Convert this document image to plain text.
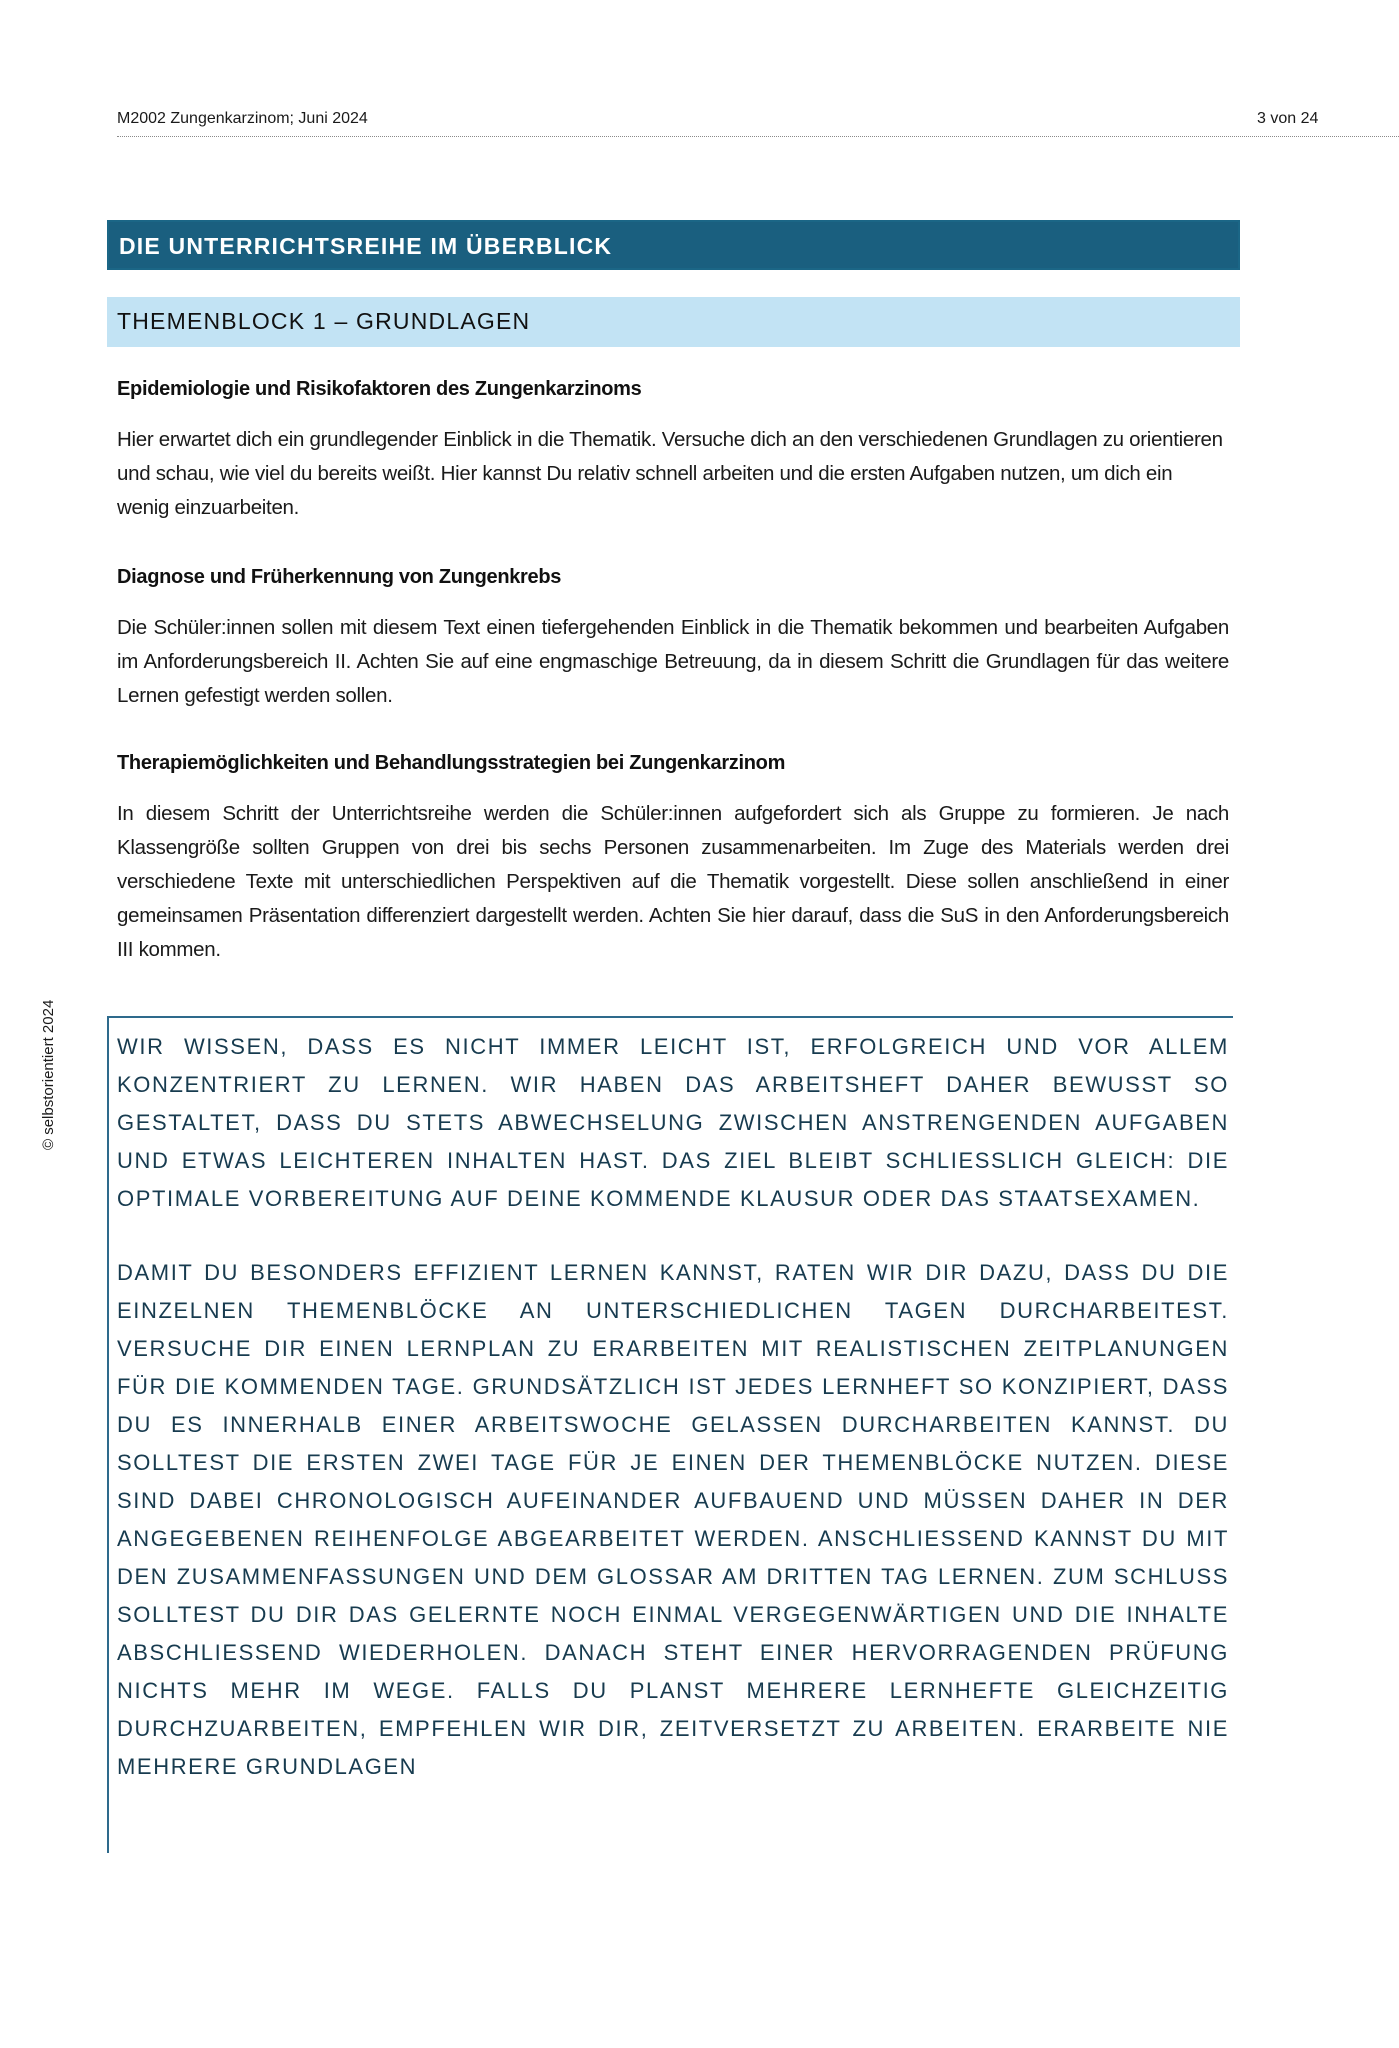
M2002 Zungenkarzinom; Juni 2024	3 von 24
© selbstorientiert 2024
DIE UNTERRICHTSREIHE IM ÜBERBLICK
THEMENBLOCK 1 – GRUNDLAGEN
Epidemiologie und Risikofaktoren des Zungenkarzinoms
Hier erwartet dich ein grundlegender Einblick in die Thematik. Versuche dich an den verschiedenen Grundlagen zu orientieren und schau, wie viel du bereits weißt. Hier kannst Du relativ schnell arbeiten und die ersten Aufgaben nutzen, um dich ein wenig einzuarbeiten.
Diagnose und Früherkennung von Zungenkrebs
Die Schüler:innen sollen mit diesem Text einen tiefergehenden Einblick in die Thematik bekommen und bearbeiten Aufgaben im Anforderungsbereich II. Achten Sie auf eine engmaschige Betreuung, da in diesem Schritt die Grundlagen für das weitere Lernen gefestigt werden sollen.
Therapiemöglichkeiten und Behandlungsstrategien bei Zungenkarzinom
In diesem Schritt der Unterrichtsreihe werden die Schüler:innen aufgefordert sich als Gruppe zu formieren. Je nach Klassengröße sollten Gruppen von drei bis sechs Personen zusammenarbeiten. Im Zuge des Materials werden drei verschiedene Texte mit unterschiedlichen Perspektiven auf die Thematik vorgestellt. Diese sollen anschließend in einer gemeinsamen Präsentation differenziert dargestellt werden. Achten Sie hier darauf, dass die SuS in den Anforderungsbereich III kommen.

WIR WISSEN, DASS ES NICHT IMMER LEICHT IST, ERFOLGREICH UND VOR ALLEM KONZENTRIERT ZU LERNEN. WIR HABEN DAS ARBEITSHEFT DAHER BEWUSST SO GESTALTET, DASS DU STETS ABWECHSELUNG ZWISCHEN ANSTRENGENDEN AUFGABEN UND ETWAS LEICHTEREN INHALTEN HAST. DAS ZIEL BLEIBT SCHLIESSLICH GLEICH: DIE OPTIMALE VORBEREITUNG AUF DEINE KOMMENDE KLAUSUR ODER DAS STAATSEXAMEN.

DAMIT DU BESONDERS EFFIZIENT LERNEN KANNST, RATEN WIR DIR DAZU, DASS DU DIE EINZELNEN THEMENBLÖCKE AN UNTERSCHIEDLICHEN TAGEN DURCHARBEITEST. VERSUCHE DIR EINEN LERNPLAN ZU ERARBEITEN MIT REALISTISCHEN ZEITPLANUNGEN FÜR DIE KOMMENDEN TAGE. GRUNDSÄTZLICH IST JEDES LERNHEFT SO KONZIPIERT, DASS DU ES INNERHALB EINER ARBEITSWOCHE GELASSEN DURCHARBEITEN KANNST. DU SOLLTEST DIE ERSTEN ZWEI TAGE FÜR JE EINEN DER THEMENBLÖCKE NUTZEN. DIESE SIND DABEI CHRONOLOGISCH AUFEINANDER AUFBAUEND UND MÜSSEN DAHER IN DER ANGEGEBENEN REIHENFOLGE ABGEARBEITET WERDEN. ANSCHLIESSEND KANNST DU MIT DEN ZUSAMMENFASSUNGEN UND DEM GLOSSAR AM DRITTEN TAG LERNEN. ZUM SCHLUSS SOLLTEST DU DIR DAS GELERNTE NOCH EINMAL VERGEGENWÄRTIGEN UND DIE INHALTE ABSCHLIESSEND WIEDERHOLEN. DANACH STEHT EINER HERVORRAGENDEN PRÜFUNG NICHTS MEHR IM WEGE. FALLS DU PLANST MEHRERE LERNHEFTE GLEICHZEITIG DURCHZUARBEITEN, EMPFEHLEN WIR DIR, ZEITVERSETZT ZU ARBEITEN. ERARBEITE NIE MEHRERE GRUNDLAGEN
